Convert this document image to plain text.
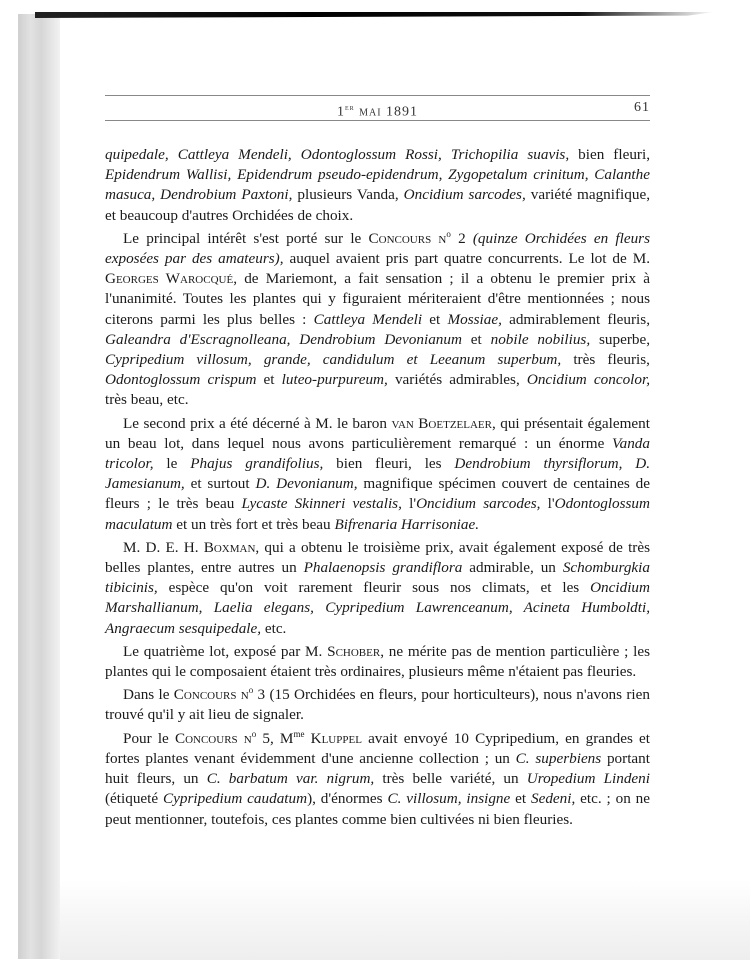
1er mai 1891	61

quipedale, Cattleya Mendeli, Odontoglossum Rossi, Trichopilia suavis, bien fleuri, Epidendrum Wallisi, Epidendrum pseudo-epidendrum, Zygopetalum crinitum, Calanthe masuca, Dendrobium Paxtoni, plusieurs Vanda, Oncidium sarcodes, variété magnifique, et beaucoup d'autres Orchidées de choix.

Le principal intérêt s'est porté sur le Concours $n^o$ 2 (quinze Orchidées en fleurs exposées par des amateurs), auquel avaient pris part quatre concurrents. Le lot de M. Georges Warocqué, de Mariemont, a fait sensation ; il a obtenu le premier prix à l'unanimité. Toutes les plantes qui y figuraient mériteraient d'être mentionnées ; nous citerons parmi les plus belles : Cattleya Mendeli et Mossiae, admirablement fleuris, Galeandra d'Escragnolleana, Dendrobium Devonianum et nobile nobilius, superbe, Cypripedium villosum, grande, candidulum et Leeanum superbum, très fleuris, Odontoglossum crispum et luteo-purpureum, variétés admirables, Oncidium concolor, très beau, etc.

Le second prix a été décerné à M. le baron van Boetzelaer, qui présentait également un beau lot, dans lequel nous avons particulièrement remarqué : un énorme Vanda tricolor, le Phajus grandifolius, bien fleuri, les Dendrobium thyrsiflorum, D. Jamesianum, et surtout D. Devonianum, magnifique spécimen couvert de centaines de fleurs ; le très beau Lycaste Skinneri vestalis, l'Oncidium sarcodes, l'Odontoglossum maculatum et un très fort et très beau Bifrenaria Harrisoniae.

M. D. E. H. Boxman, qui a obtenu le troisième prix, avait également exposé de très belles plantes, entre autres un Phalaenopsis grandiflora admirable, un Schomburgkia tibicinis, espèce qu'on voit rarement fleurir sous nos climats, et les Oncidium Marshallianum, Laelia elegans, Cypripedium Lawrenceanum, Acineta Humboldti, Angraecum sesquipedale, etc.

Le quatrième lot, exposé par M. Schober, ne mérite pas de mention particulière ; les plantes qui le composaient étaient très ordinaires, plusieurs même n'étaient pas fleuries.

Dans le Concours $n^o$ 3 (15 Orchidées en fleurs, pour horticulteurs), nous n'avons rien trouvé qu'il y ait lieu de signaler.

Pour le Concours $n^o$ 5, $M^{me}$ Kluppel avait envoyé 10 Cypripedium, en grandes et fortes plantes venant évidemment d'une ancienne collection ; un C. superbiens portant huit fleurs, un C. barbatum var. nigrum, très belle variété, un Uropedium Lindeni (étiqueté Cypripedium caudatum), d'énormes C. villosum, insigne et Sedeni, etc. ; on ne peut mentionner, toutefois, ces plantes comme bien cultivées ni bien fleuries.
